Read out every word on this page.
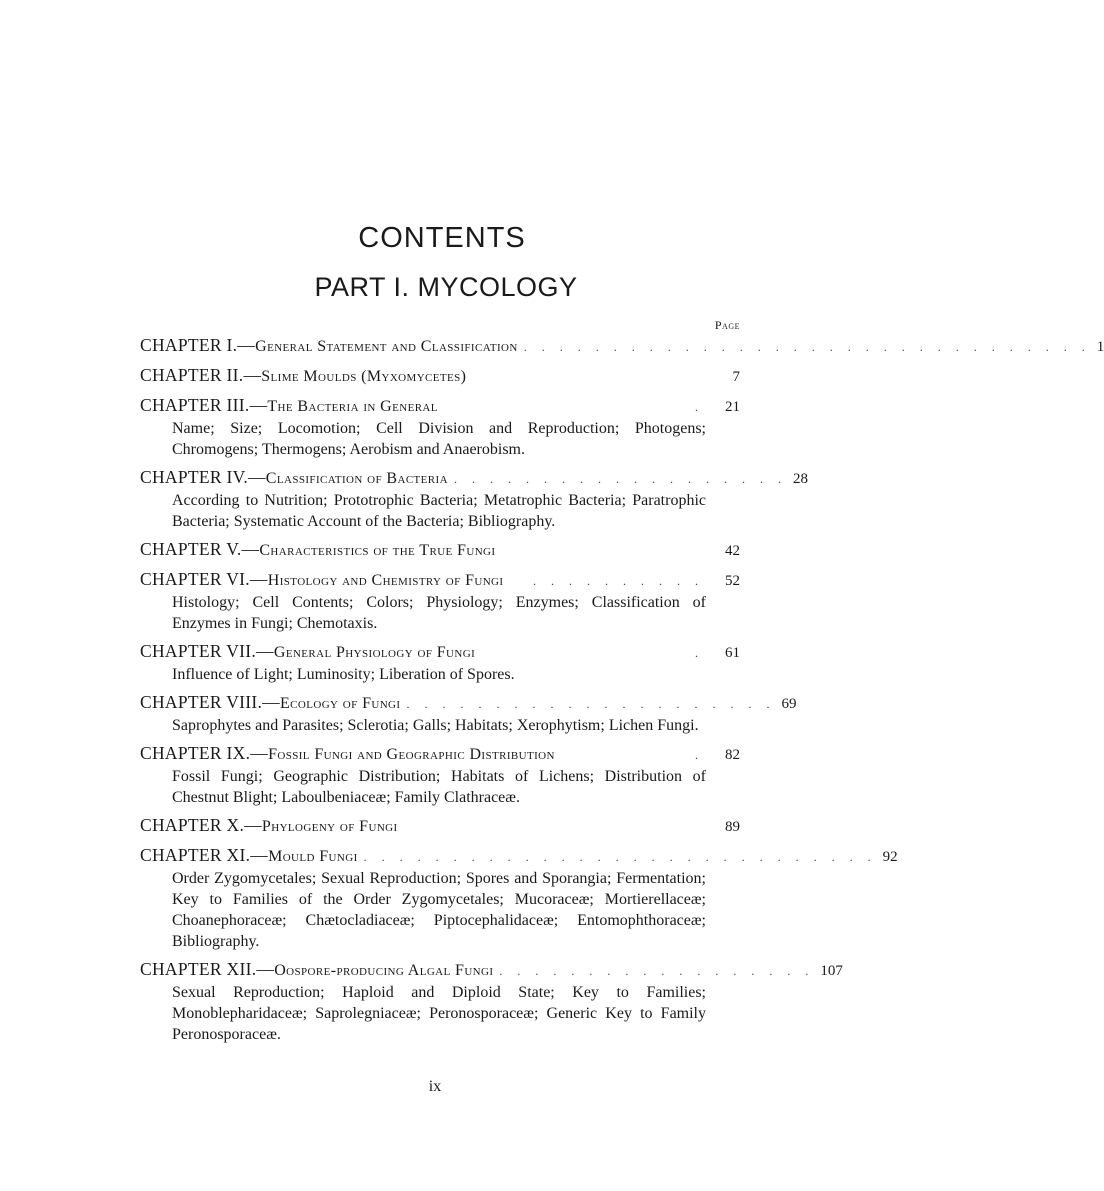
CONTENTS
PART I. MYCOLOGY
Page
CHAPTER I.— General Statement and Classification . . . . . . . . . . . . . . . . . . . . . . . . . . . . . . . . 1
CHAPTER II.— Slime Moulds (Myxomycetes)	7
CHAPTER III.— The Bacteria in General	.	21
Name; Size; Locomotion; Cell Division and Reproduction; Photogens; Chromogens; Thermogens; Aerobism and Anaerobism.
CHAPTER IV.— Classification of Bacteria . . . . . . . . . . . . . . . . . . . 28
According to Nutrition; Prototrophic Bacteria; Metatrophic Bacteria; Paratrophic Bacteria; Systematic Account of the Bacteria; Bibliography.
CHAPTER V.— Characteristics of the True Fungi	42
CHAPTER VI.— Histology and Chemistry of Fungi	. . . . . . . . . .	52
Histology; Cell Contents; Colors; Physiology; Enzymes; Classification of Enzymes in Fungi; Chemotaxis.
CHAPTER VII.— General Physiology of Fungi	.	61
Influence of Light; Luminosity; Liberation of Spores.
CHAPTER VIII.— Ecology of Fungi . . . . . . . . . . . . . . . . . . . . . 69
Saprophytes and Parasites; Sclerotia; Galls; Habitats; Xerophytism; Lichen Fungi.
CHAPTER IX.— Fossil Fungi and Geographic Distribution	.	82
Fossil Fungi; Geographic Distribution; Habitats of Lichens; Distribution of Chestnut Blight; Laboulbeniaceæ; Family Clathraceæ.
CHAPTER X.— Phylogeny of Fungi	89
CHAPTER XI.— Mould Fungi . . . . . . . . . . . . . . . . . . . . . . . . . . . . . 92
Order Zygomycetales; Sexual Reproduction; Spores and Sporangia; Fermentation; Key to Families of the Order Zygomycetales; Mucoraceæ; Mortierellaceæ; Choanephoraceæ; Chætocladiaceæ; Piptocephalidaceæ; Entomophthoraceæ; Bibliography.
CHAPTER XII.— Oospore-producing Algal Fungi . . . . . . . . . . . . . . . . . . 107
Sexual Reproduction; Haploid and Diploid State; Key to Families; Monoblepharidaceæ; Saprolegniaceæ; Peronosporaceæ; Generic Key to Family Peronosporaceæ.
ix
